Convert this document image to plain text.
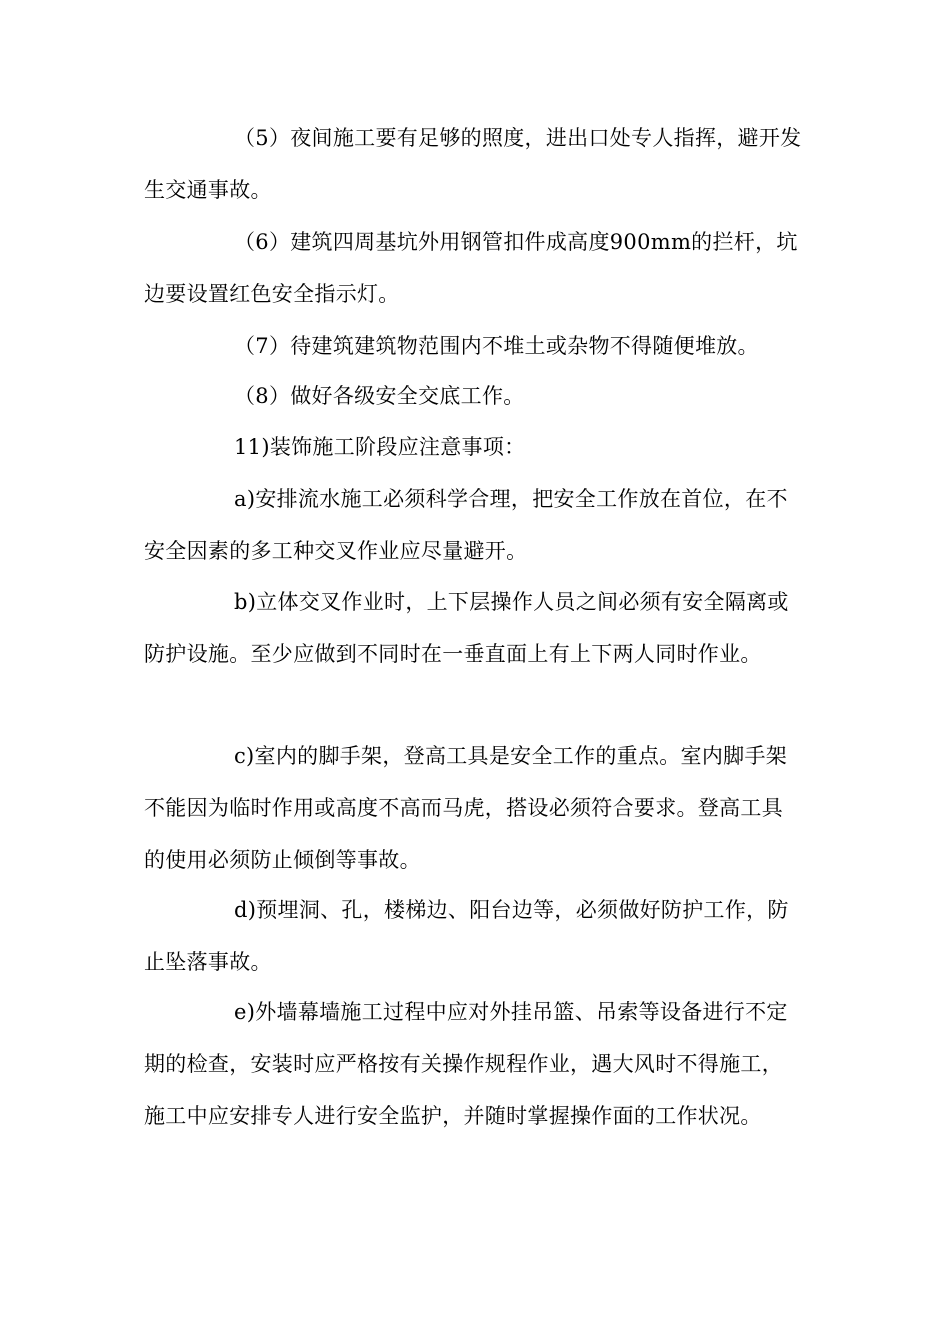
（5）夜间施工要有足够的照度，进出口处专人指挥，避开发生交通事故。

（6）建筑四周基坑外用钢管扣件成高度900mm的拦杆，坑边要设置红色安全指示灯。

（7）待建筑建筑物范围内不堆土或杂物不得随便堆放。

（8）做好各级安全交底工作。

11)装饰施工阶段应注意事项：

a)安排流水施工必须科学合理，把安全工作放在首位，在不安全因素的多工种交叉作业应尽量避开。

b)立体交叉作业时，上下层操作人员之间必须有安全隔离或防护设施。至少应做到不同时在一垂直面上有上下两人同时作业。

c)室内的脚手架，登高工具是安全工作的重点。室内脚手架不能因为临时作用或高度不高而马虎，搭设必须符合要求。登高工具的使用必须防止倾倒等事故。

d)预埋洞、孔，楼梯边、阳台边等，必须做好防护工作，防止坠落事故。

e)外墙幕墙施工过程中应对外挂吊篮、吊索等设备进行不定期的检查，安装时应严格按有关操作规程作业，遇大风时不得施工，施工中应安排专人进行安全监护，并随时掌握操作面的工作状况。
